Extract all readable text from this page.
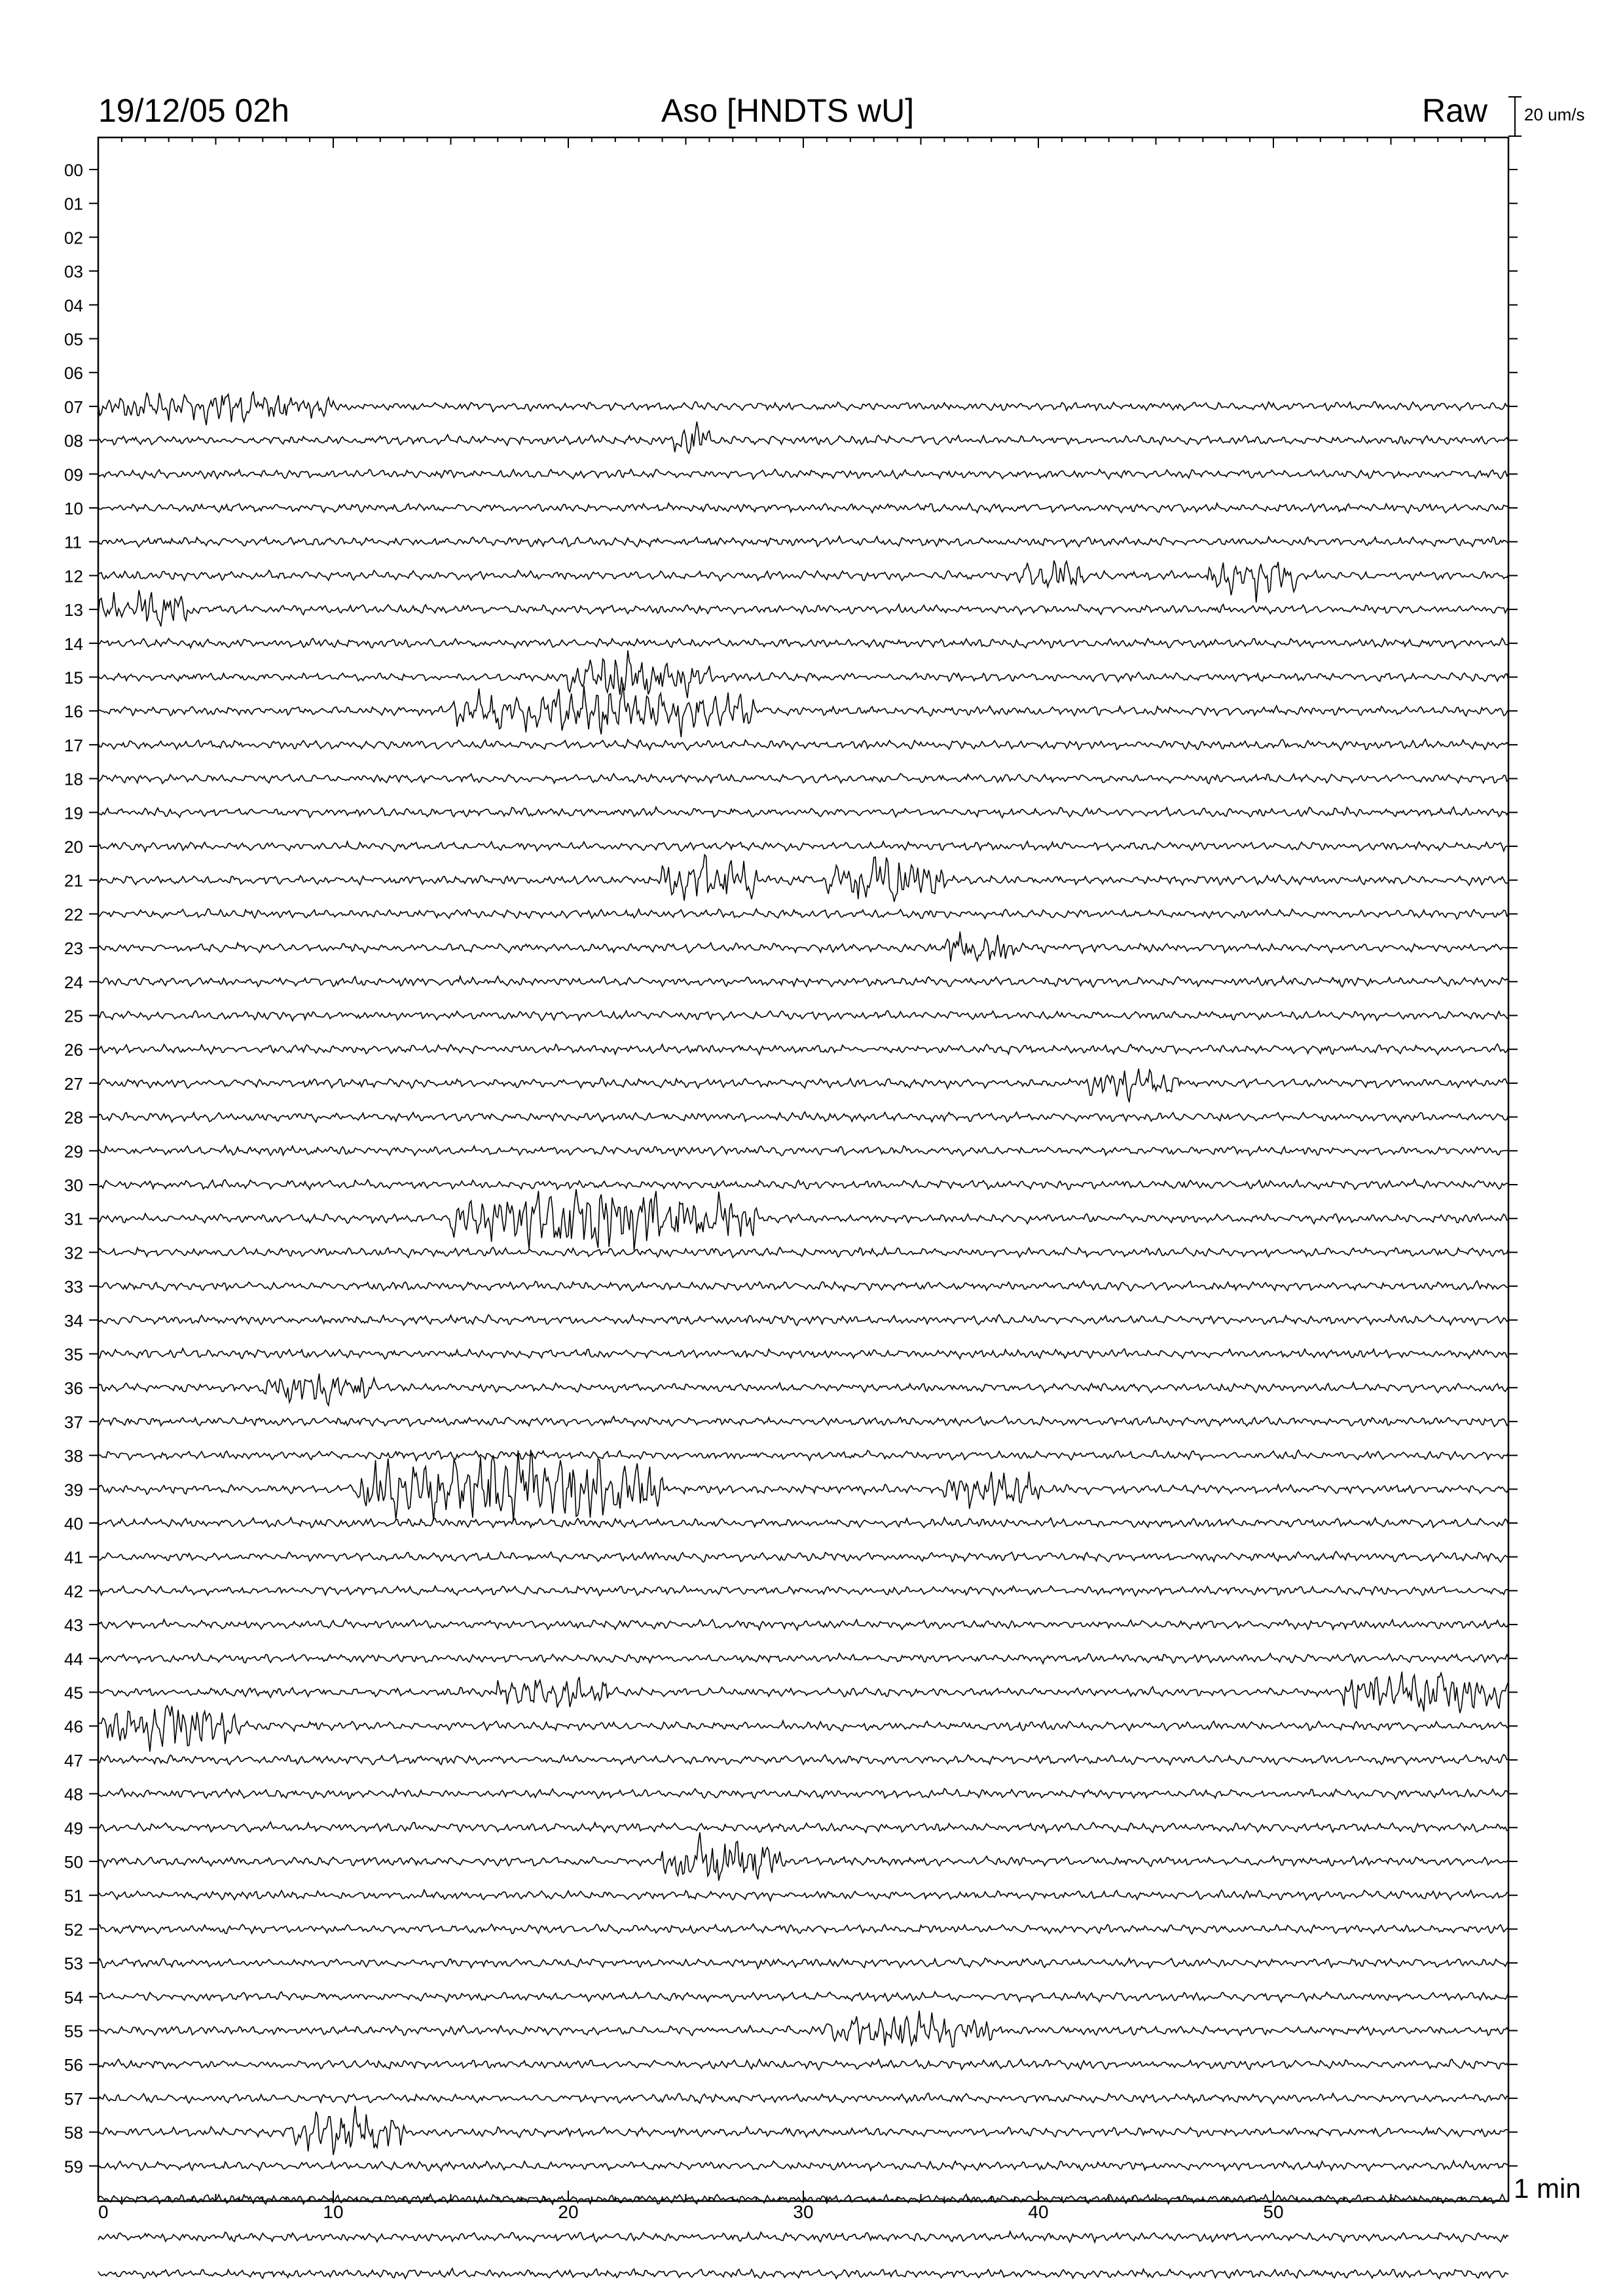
19/12/05 02h	Aso [HNDTS wU]	Raw 20 um/s
1 min
00
01
02
03
04
05
06
07
08
09
10
11
12
13
14
15
16
17
18
19
20
21
22
23
24
25
26
27
28
29
30
31
32
33
34
35
36
37
38
39
40
41
42
43
44
45
46
47
48
49
50
51
52
53
54
55
56
57
58
59
0	10	20	30	40	50
